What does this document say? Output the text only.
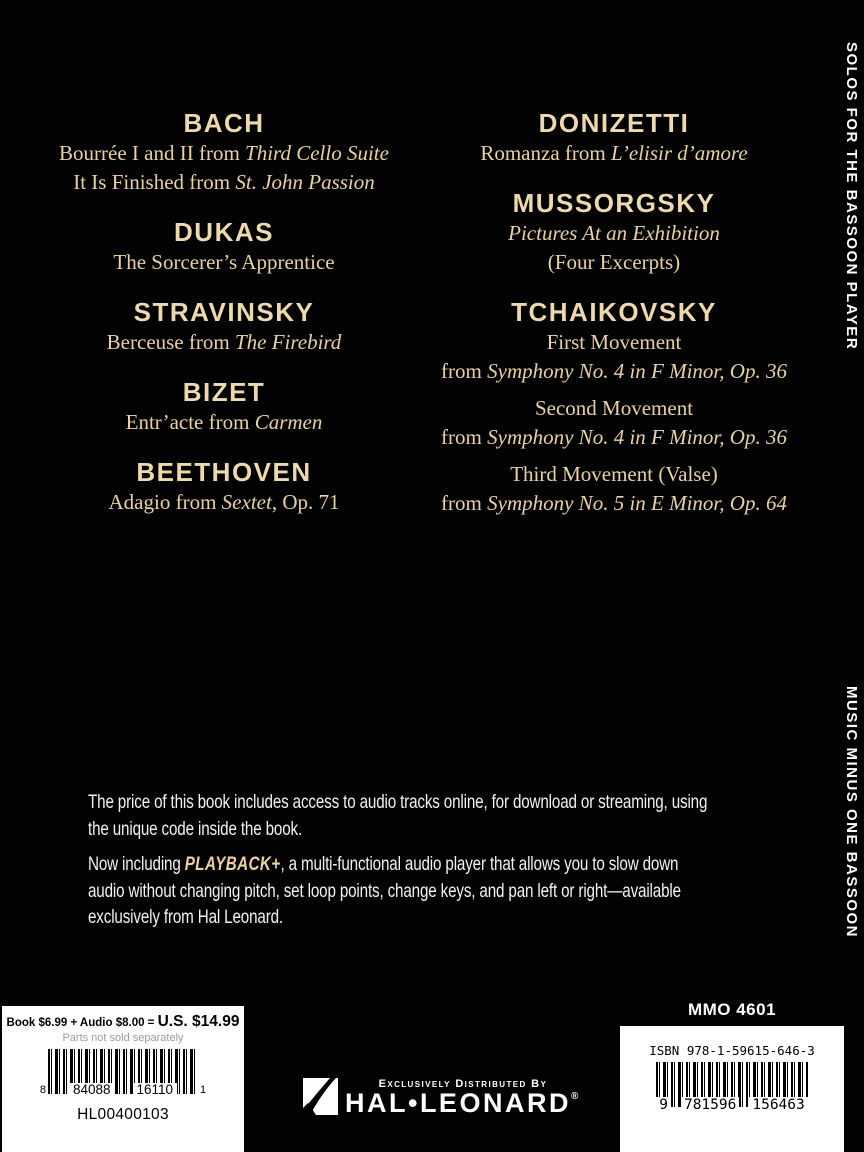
SOLOS FOR THE BASSOON PLAYER
MUSIC MINUS ONE BASSOON
BACH
Bourrée I and II from Third Cello Suite
It Is Finished from St. John Passion
DUKAS
The Sorcerer’s Apprentice
STRAVINSKY
Berceuse from The Firebird
BIZET
Entr’acte from Carmen
BEETHOVEN
Adagio from Sextet, Op. 71
DONIZETTI
Romanza from L’elisir d’amore
MUSSORGSKY
Pictures At an Exhibition
(Four Excerpts)
TCHAIKOVSKY
First Movement
from Symphony No. 4 in F Minor, Op. 36
Second Movement
from Symphony No. 4 in F Minor, Op. 36
Third Movement (Valse)
from Symphony No. 5 in E Minor, Op. 64
The price of this book includes access to audio tracks online, for download or streaming, using
the unique code inside the book.
Now including PLAYBACK+, a multi-functional audio player that allows you to slow down
audio without changing pitch, set loop points, change keys, and pan left or right—available
exclusively from Hal Leonard.
Book $6.99 + Audio $8.00 = U.S. $14.99
Parts not sold separately
8 84088 16110	1
HL00400103
Exclusively Distributed By
HAL•LEONARD ®
MMO 4601
ISBN 978-1-59615-646-3
9 781596 156463
